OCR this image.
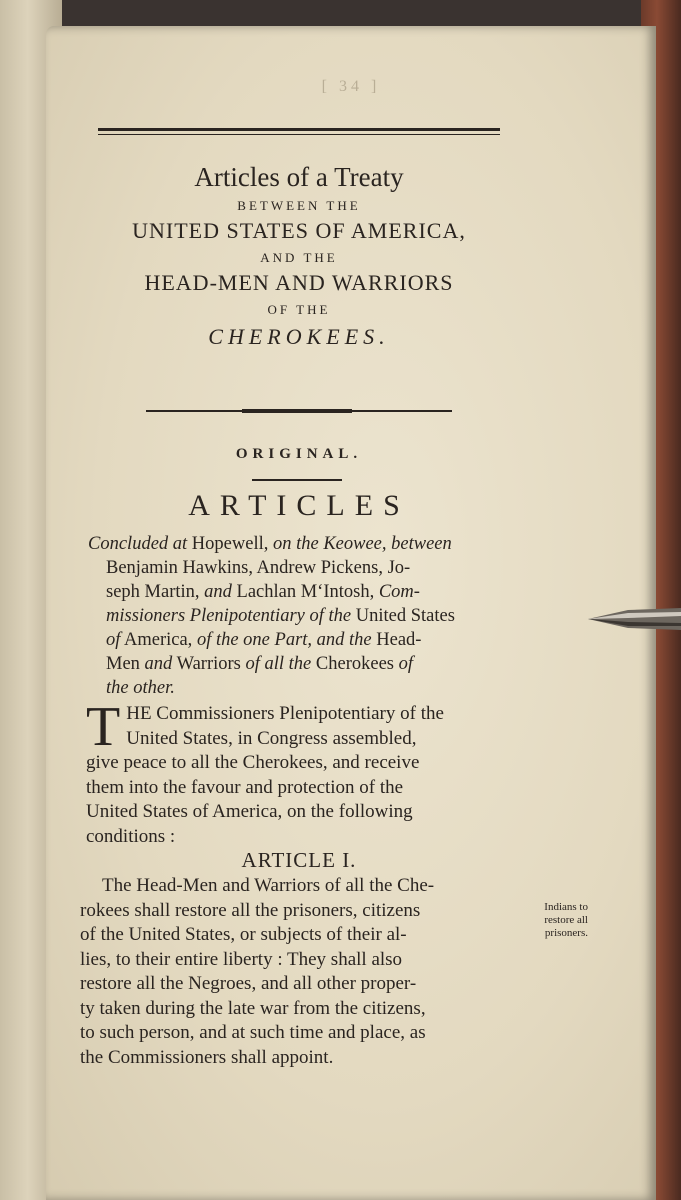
[ 34 ]
Articles of a Treaty
BETWEEN THE
UNITED STATES OF AMERICA,
AND THE
HEAD-MEN AND WARRIORS
OF THE
CHEROKEES.
ORIGINAL.
ARTICLES
Concluded at Hopewell, on the Keowee, between
Benjamin Hawkins, Andrew Pickens, Jo-
seph Martin, and Lachlan M‘Intosh, Com-
missioners Plenipotentiary of the United States
of America, of the one Part, and the Head-
Men and Warriors of all the Cherokees of
the other.
T HE Commissioners Plenipotentiary of the
United States, in Congress assembled,
give peace to all the Cherokees, and receive
them into the favour and protection of the
United States of America, on the following
conditions :
ARTICLE I.
The Head-Men and Warriors of all the Che-
rokees shall restore all the prisoners, citizens
of the United States, or subjects of their al-
lies, to their entire liberty : They shall also
restore all the Negroes, and all other proper-
ty taken during the late war from the citizens,
to such person, and at such time and place, as
the Commissioners shall appoint.
Indians to
restore all
prisoners.
